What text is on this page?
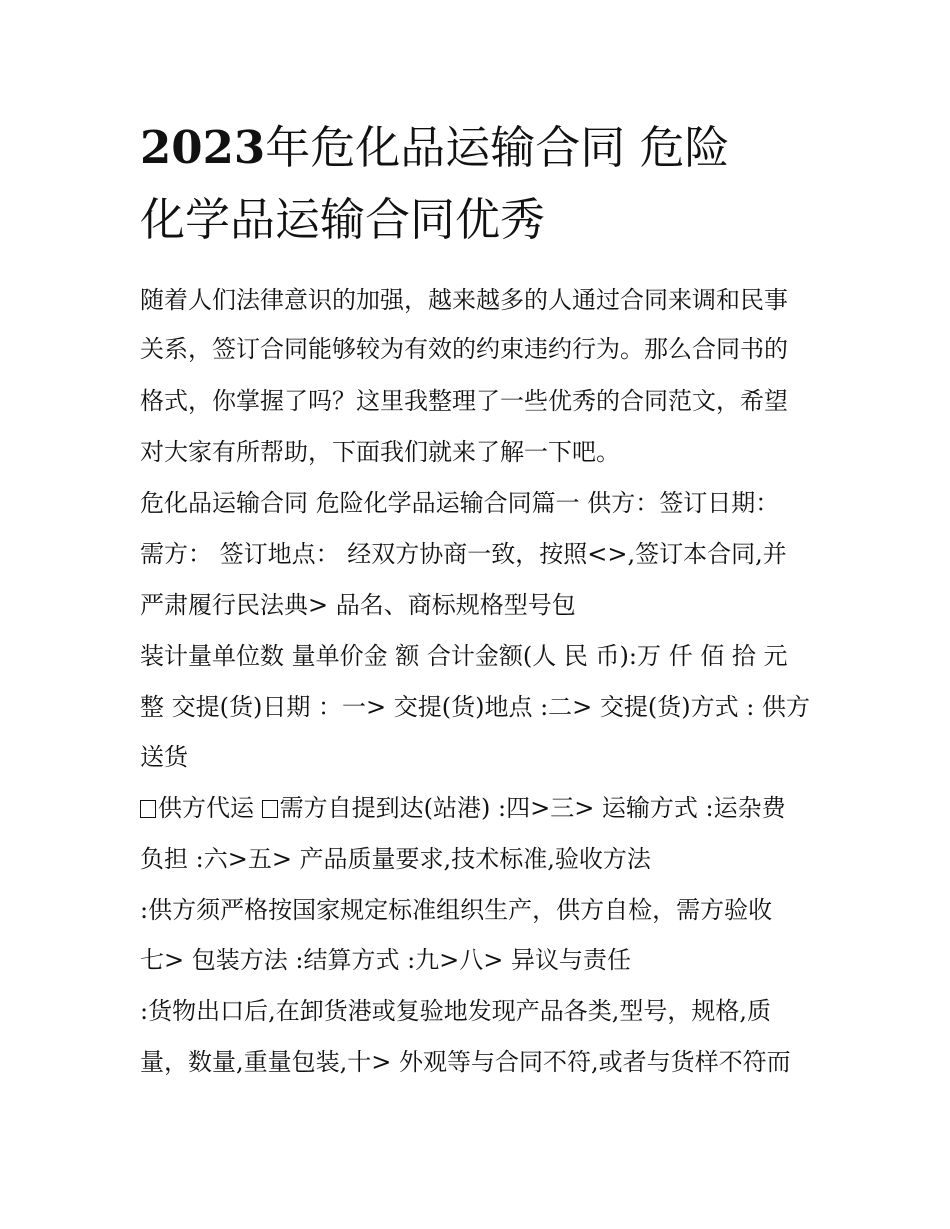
2023年危化品运输合同 危险
化学品运输合同优秀

随着人们法律意识的加强，越来越多的人通过合同来调和民事

关系，签订合同能够较为有效的约束违约行为。那么合同书的

格式，你掌握了吗？这里我整理了一些优秀的合同范文，希望

对大家有所帮助，下面我们就来了解一下吧。

危化品运输合同 危险化学品运输合同篇一 供方：签订日期：

需方： 签订地点： 经双方协商一致，按照<>,签订本合同,并

严肃履行民法典> 品名、商标规格型号包

装计量单位数 量单价金 额 合计金额(人 民 币):万 仟 佰 拾 元

整 交提(货)日期 ：一> 交提(货)地点 :二> 交提(货)方式 : 供方

送货

供方代运 需方自提到达(站港) :四>三> 运输方式 :运杂费

负担 :六>五> 产品质量要求,技术标准,验收方法

:供方须严格按国家规定标准组织生产，供方自检，需方验收

七> 包装方法 :结算方式 :九>八> 异议与责任

:货物出口后,在卸货港或复验地发现产品各类,型号，规格,质

量，数量,重量包装,十> 外观等与合同不符,或者与货样不符而
